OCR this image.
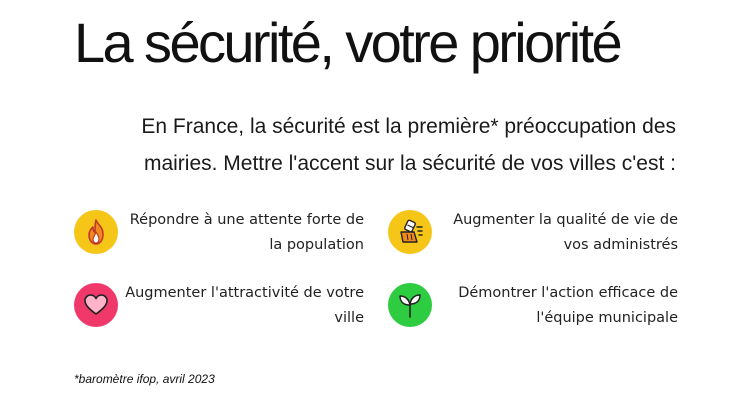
La sécurité, votre priorité

En France, la sécurité est la première* préoccupation des mairies. Mettre l'accent sur la sécurité de vos villes c'est :

Répondre à une attente forte de la population

Augmenter la qualité de vie de vos administrés

Augmenter l'attractivité de votre ville

Démontrer l'action efficace de l'équipe municipale

*baromètre ifop, avril 2023
